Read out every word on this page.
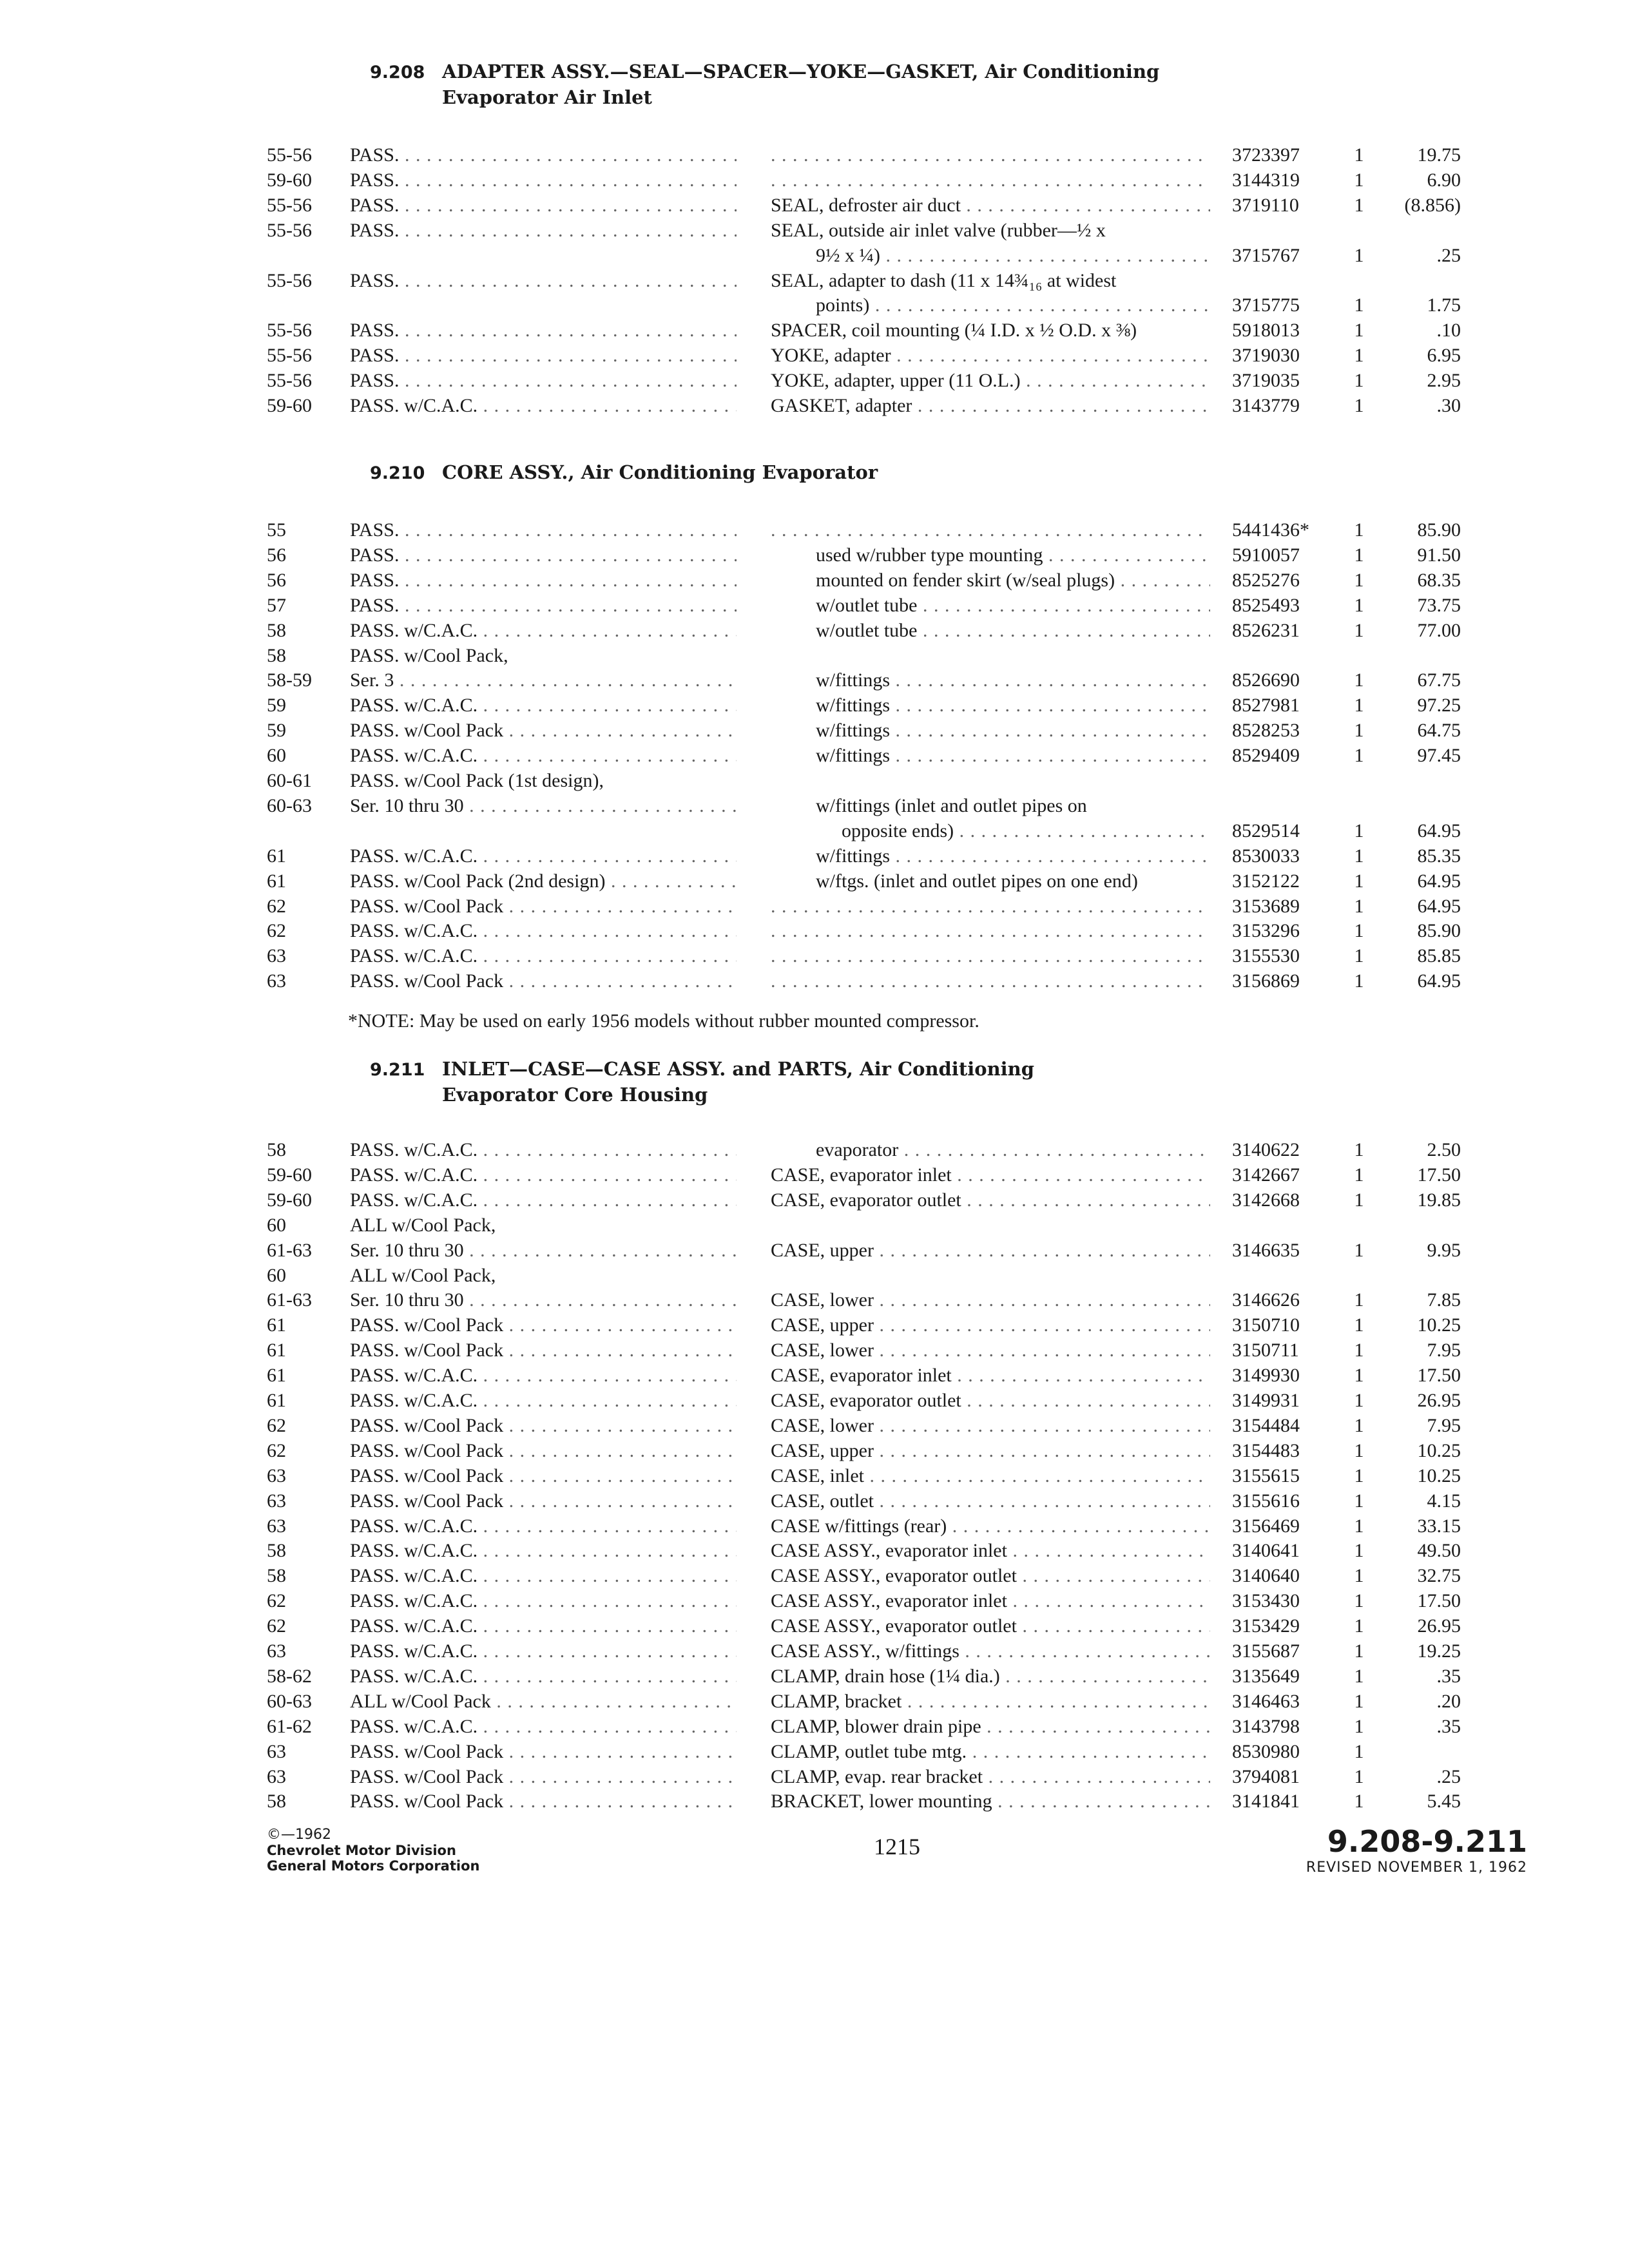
9.208 ADAPTER ASSY.—SEAL—SPACER—YOKE—GASKET, Air Conditioning
Evaporator Air Inlet
55-56	PASS. . . . . . .	3723397	1	19.75
59-60	PASS. . . . . . .	3144319	1	6.90
55-56	PASS. . . .	SEAL, defroster air duct . . .	3719110	1	(8.856)
55-56	PASS. . . .	SEAL, outside air inlet valve (rubber—½ x
9½ x ¼) . . .	3715767	1	.25
55-56	PASS. . . .	SEAL, adapter to dash (11 x 14¾₁₆ at widest
points) . . .	3715775	1	1.75
55-56	PASS. . . .	SPACER, coil mounting (¼ I.D. x ½ O.D. x ⅜)	5918013	1	.10
55-56	PASS. . . .	YOKE, adapter . . .	3719030	1	6.95
55-56	PASS. . . .	YOKE, adapter, upper (11 O.L.) . . .	3719035	1	2.95
59-60	PASS. w/C.A.C. . . .	GASKET, adapter . . .	3143779	1	.30
9.210 CORE ASSY., Air Conditioning Evaporator
55	PASS. . . . . . .	5441436*	1	85.90
56	PASS. . . .	used w/rubber type mounting . . .	5910057	1	91.50
56	PASS. . . .	mounted on fender skirt (w/seal plugs) . . .	8525276	1	68.35
57	PASS. . . .	w/outlet tube . . .	8525493	1	73.75
58	PASS. w/C.A.C. . . .	w/outlet tube . . .	8526231	1	77.00
58	PASS. w/Cool Pack,
58-59	Ser. 3 . . .	w/fittings . . .	8526690	1	67.75
59	PASS. w/C.A.C. . . .	w/fittings . . .	8527981	1	97.25
59	PASS. w/Cool Pack . . .	w/fittings . . .	8528253	1	64.75
60	PASS. w/C.A.C. . . .	w/fittings . . .	8529409	1	97.45
60-61	PASS. w/Cool Pack (1st design),
60-63	Ser. 10 thru 30 . . .	w/fittings (inlet and outlet pipes on
opposite ends) . . .	8529514	1	64.95
61	PASS. w/C.A.C. . . .	w/fittings . . .	8530033	1	85.35
61	PASS. w/Cool Pack (2nd design) . . .	w/ftgs. (inlet and outlet pipes on one end)	3152122	1	64.95
62	PASS. w/Cool Pack . . . . . .	3153689	1	64.95
62	PASS. w/C.A.C. . . . . . .	3153296	1	85.90
63	PASS. w/C.A.C. . . . . . .	3155530	1	85.85
63	PASS. w/Cool Pack . . . . . .	3156869	1	64.95
*NOTE: May be used on early 1956 models without rubber mounted compressor.
9.211 INLET—CASE—CASE ASSY. and PARTS, Air Conditioning
Evaporator Core Housing
58	PASS. w/C.A.C. . . .	evaporator . . .	3140622	1	2.50
59-60	PASS. w/C.A.C. . . .	CASE, evaporator inlet . . .	3142667	1	17.50
59-60	PASS. w/C.A.C. . . .	CASE, evaporator outlet . . .	3142668	1	19.85
60	ALL w/Cool Pack,
61-63	Ser. 10 thru 30 . . .	CASE, upper . . .	3146635	1	9.95
60	ALL w/Cool Pack,
61-63	Ser. 10 thru 30 . . .	CASE, lower . . .	3146626	1	7.85
61	PASS. w/Cool Pack . . .	CASE, upper . . .	3150710	1	10.25
61	PASS. w/Cool Pack . . .	CASE, lower . . .	3150711	1	7.95
61	PASS. w/C.A.C. . . .	CASE, evaporator inlet . . .	3149930	1	17.50
61	PASS. w/C.A.C. . . .	CASE, evaporator outlet . . .	3149931	1	26.95
62	PASS. w/Cool Pack . . .	CASE, lower . . .	3154484	1	7.95
62	PASS. w/Cool Pack . . .	CASE, upper . . .	3154483	1	10.25
63	PASS. w/Cool Pack . . .	CASE, inlet . . .	3155615	1	10.25
63	PASS. w/Cool Pack . . .	CASE, outlet . . .	3155616	1	4.15
63	PASS. w/C.A.C. . . .	CASE w/fittings (rear) . . .	3156469	1	33.15
58	PASS. w/C.A.C. . . .	CASE ASSY., evaporator inlet . . .	3140641	1	49.50
58	PASS. w/C.A.C. . . .	CASE ASSY., evaporator outlet . . .	3140640	1	32.75
62	PASS. w/C.A.C. . . .	CASE ASSY., evaporator inlet . . .	3153430	1	17.50
62	PASS. w/C.A.C. . . .	CASE ASSY., evaporator outlet . . .	3153429	1	26.95
63	PASS. w/C.A.C. . . .	CASE ASSY., w/fittings . . .	3155687	1	19.25
58-62	PASS. w/C.A.C. . . .	CLAMP, drain hose (1¼ dia.) . . .	3135649	1	.35
60-63	ALL w/Cool Pack . . .	CLAMP, bracket . . .	3146463	1	.20
61-62	PASS. w/C.A.C. . . .	CLAMP, blower drain pipe . . .	3143798	1	.35
63	PASS. w/Cool Pack . . .	CLAMP, outlet tube mtg. . . .	8530980	1
63	PASS. w/Cool Pack . . .	CLAMP, evap. rear bracket . . .	3794081	1	.25
58	PASS. w/Cool Pack . . .	BRACKET, lower mounting . . .	3141841	1	5.45
©—1962
Chevrolet Motor Division
General Motors Corporation
1215	9.208-9.211
REVISED NOVEMBER 1, 1962
